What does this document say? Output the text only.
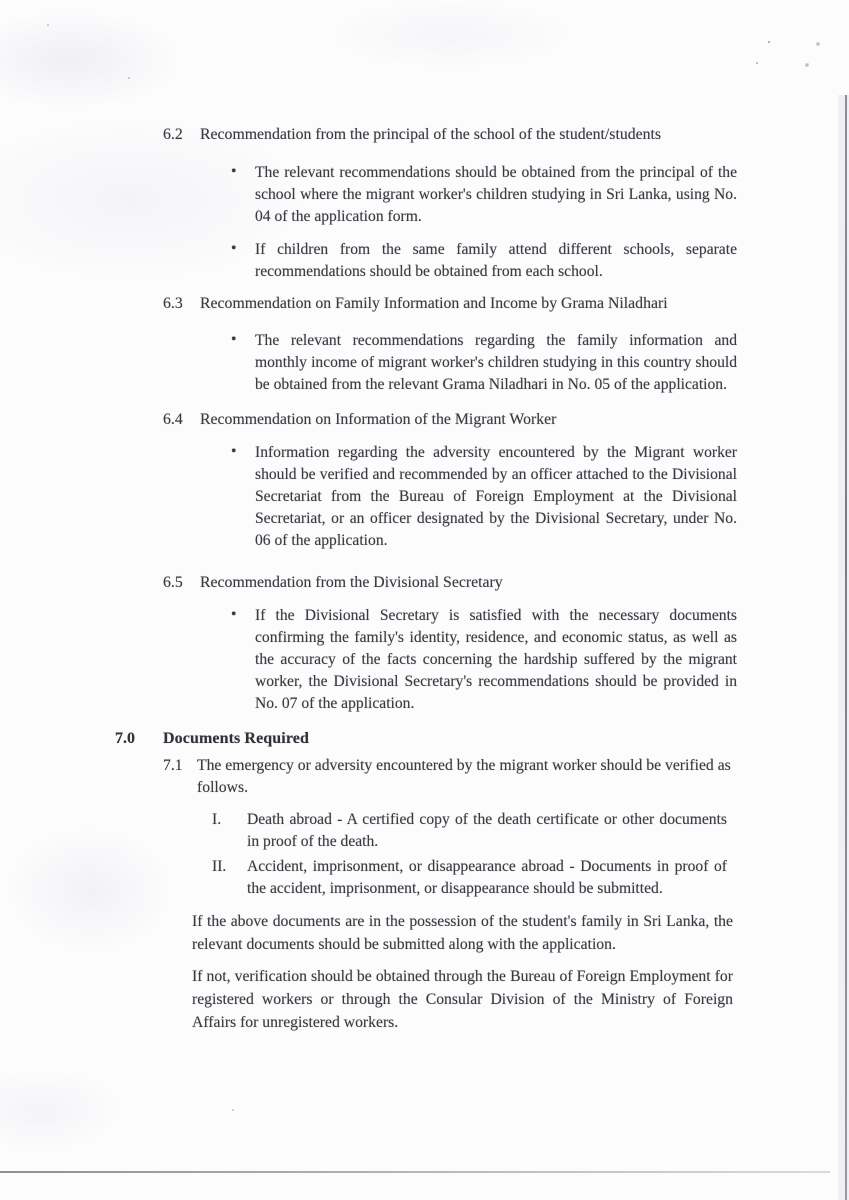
6.2	Recommendation from the principal of the school of the student/students
• The relevant recommendations should be obtained from the principal of the school where the migrant worker's children studying in Sri Lanka, using No. 04 of the application form.
• If children from the same family attend different schools, separate recommendations should be obtained from each school.
6.3	Recommendation on Family Information and Income by Grama Niladhari
• The relevant recommendations regarding the family information and monthly income of migrant worker's children studying in this country should be obtained from the relevant Grama Niladhari in No. 05 of the application.
6.4	Recommendation on Information of the Migrant Worker
• Information regarding the adversity encountered by the Migrant worker should be verified and recommended by an officer attached to the Divisional Secretariat from the Bureau of Foreign Employment at the Divisional Secretariat, or an officer designated by the Divisional Secretary, under No. 06 of the application.
6.5	Recommendation from the Divisional Secretary
• If the Divisional Secretary is satisfied with the necessary documents confirming the family's identity, residence, and economic status, as well as the accuracy of the facts concerning the hardship suffered by the migrant worker, the Divisional Secretary's recommendations should be provided in No. 07 of the application.
7.0	Documents Required
7.1 The emergency or adversity encountered by the migrant worker should be verified as follows.
I.	Death abroad - A certified copy of the death certificate or other documents in proof of the death.
II.	Accident, imprisonment, or disappearance abroad - Documents in proof of the accident, imprisonment, or disappearance should be submitted.
If the above documents are in the possession of the student's family in Sri Lanka, the relevant documents should be submitted along with the application.
If not, verification should be obtained through the Bureau of Foreign Employment for registered workers or through the Consular Division of the Ministry of Foreign Affairs for unregistered workers.
